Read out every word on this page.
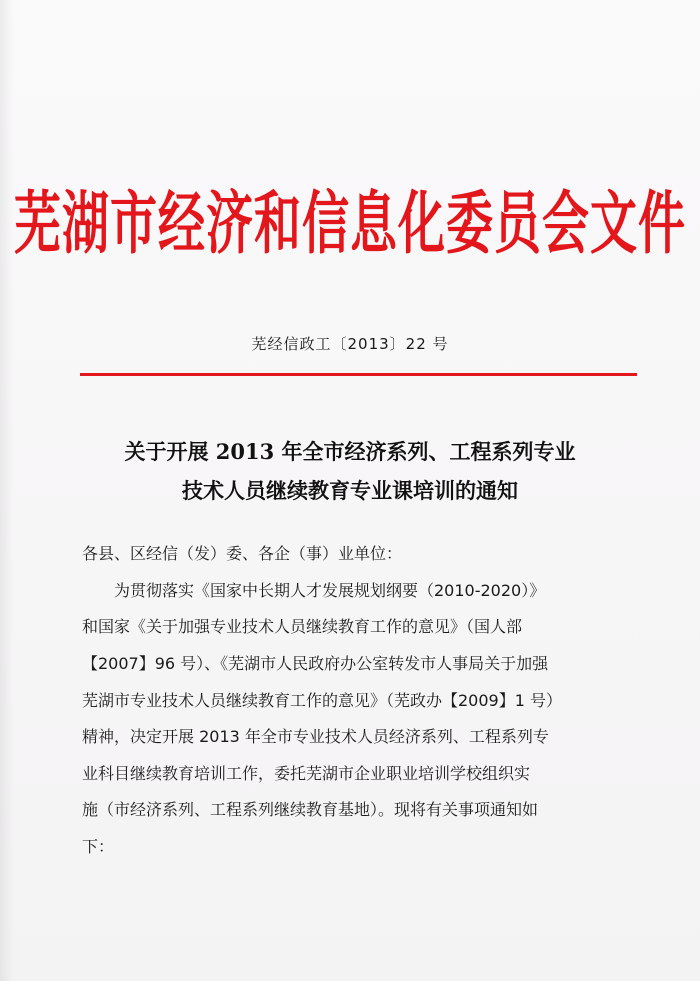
芜湖市经济和信息化委员会文件
芜经信政工〔2013〕22 号
关于开展 2013 年全市经济系列、工程系列专业
技术人员继续教育专业课培训的通知
各县、区经信（发）委、各企（事）业单位：
为贯彻落实《国家中长期人才发展规划纲要（2010-2020）》
和国家《关于加强专业技术人员继续教育工作的意见》（国人部
【2007】96 号）、《芜湖市人民政府办公室转发市人事局关于加强
芜湖市专业技术人员继续教育工作的意见》（芜政办【2009】1 号）
精神，决定开展 2013 年全市专业技术人员经济系列、工程系列专
业科目继续教育培训工作，委托芜湖市企业职业培训学校组织实
施（市经济系列、工程系列继续教育基地）。现将有关事项通知如
下：
